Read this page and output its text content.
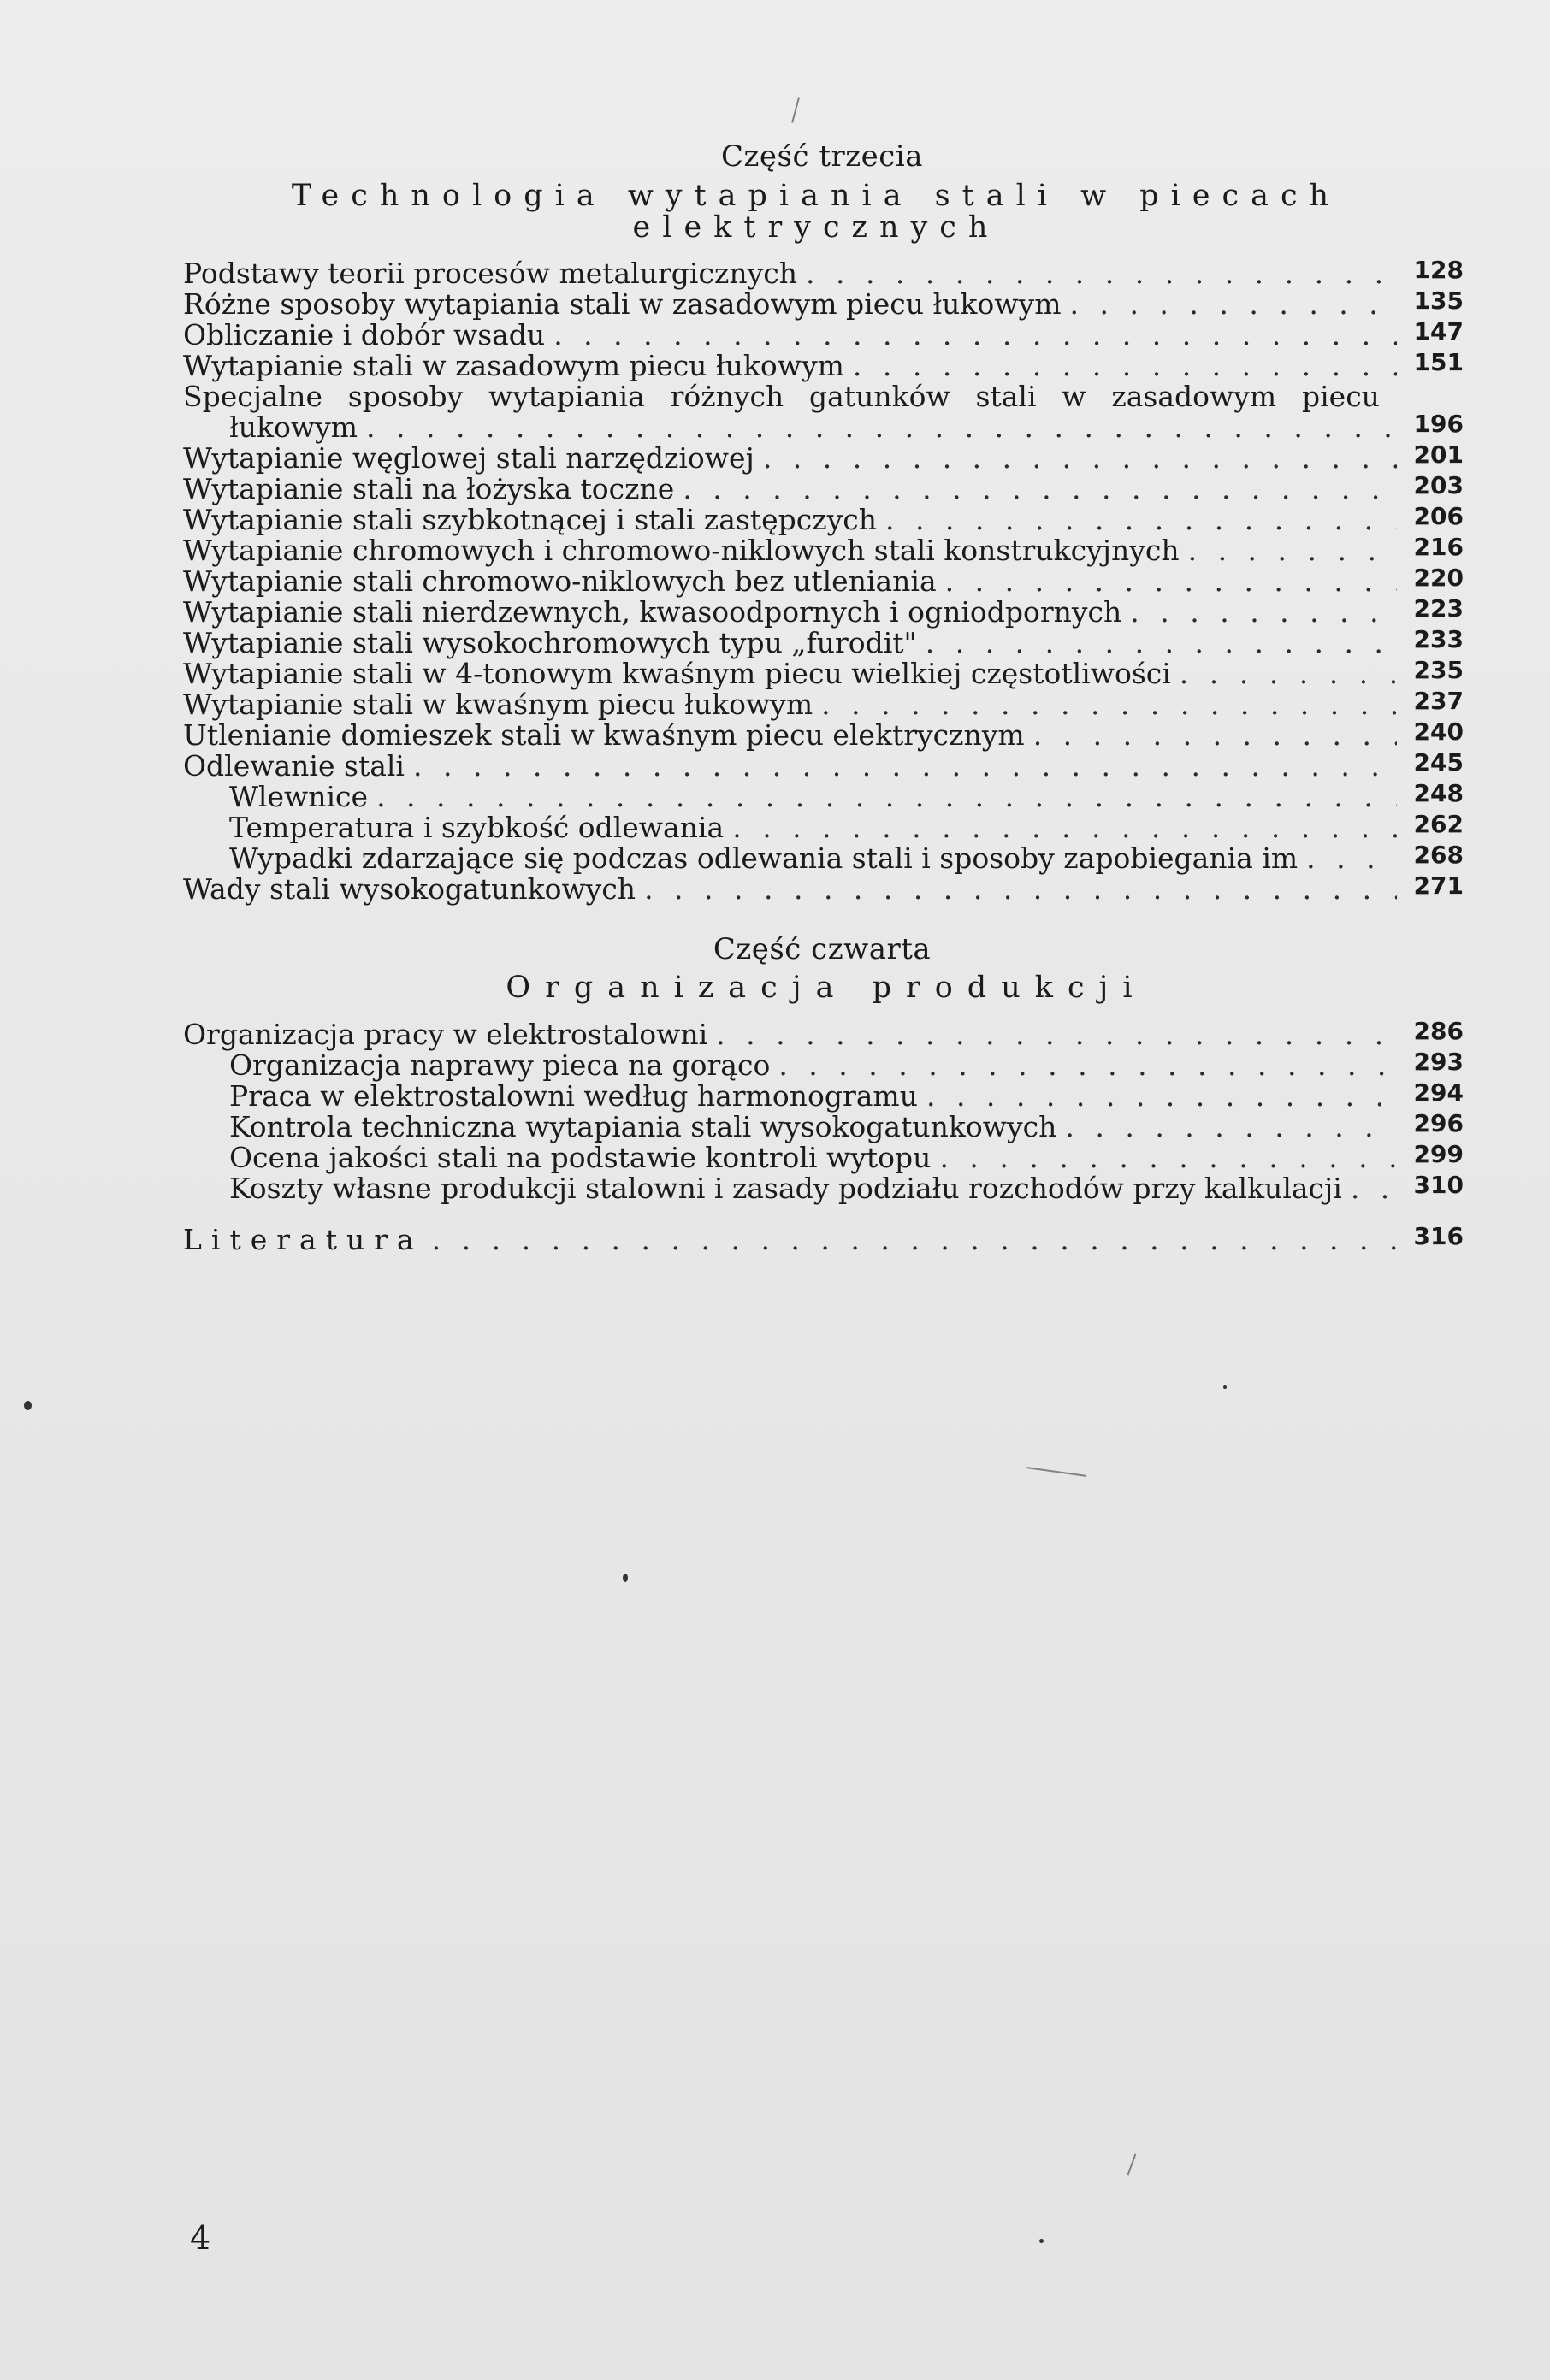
Część trzecia
Technologia wytapiania stali w piecach
elektrycznych
Podstawy teorii procesów metalurgicznych . . .	128
Różne sposoby wytapiania stali w zasadowym piecu łukowym . . .	135
Obliczanie i dobór wsadu . . .	147
Wytapianie stali w zasadowym piecu łukowym . . .	151
Specjalne sposoby wytapiania różnych gatunków stali w zasadowym piecu
łukowym . . .	196
Wytapianie węglowej stali narzędziowej . . .	201
Wytapianie stali na łożyska toczne . . .	203
Wytapianie stali szybkotnącej i stali zastępczych . . .	206
Wytapianie chromowych i chromowo-niklowych stali konstrukcyjnych . . .	216
Wytapianie stali chromowo-niklowych bez utleniania . . .	220
Wytapianie stali nierdzewnych, kwasoodpornych i ogniodpornych . . .	223
Wytapianie stali wysokochromowych typu „furodit" . . .	233
Wytapianie stali w 4-tonowym kwaśnym piecu wielkiej częstotliwości . . .	235
Wytapianie stali w kwaśnym piecu łukowym . . .	237
Utlenianie domieszek stali w kwaśnym piecu elektrycznym . . .	240
Odlewanie stali . . .	245
Wlewnice . . .	248
Temperatura i szybkość odlewania . . .	262
Wypadki zdarzające się podczas odlewania stali i sposoby zapobiegania im . . .	268
Wady stali wysokogatunkowych . . .	271
Część czwarta
Organizacja produkcji
Organizacja pracy w elektrostalowni . . .	286
Organizacja naprawy pieca na gorąco . . .	293
Praca w elektrostalowni według harmonogramu . . .	294
Kontrola techniczna wytapiania stali wysokogatunkowych . . .	296
Ocena jakości stali na podstawie kontroli wytopu . . .	299
Koszty własne produkcji stalowni i zasady podziału rozchodów przy kalkulacji . . .	310
Literatura . . .	316
4
